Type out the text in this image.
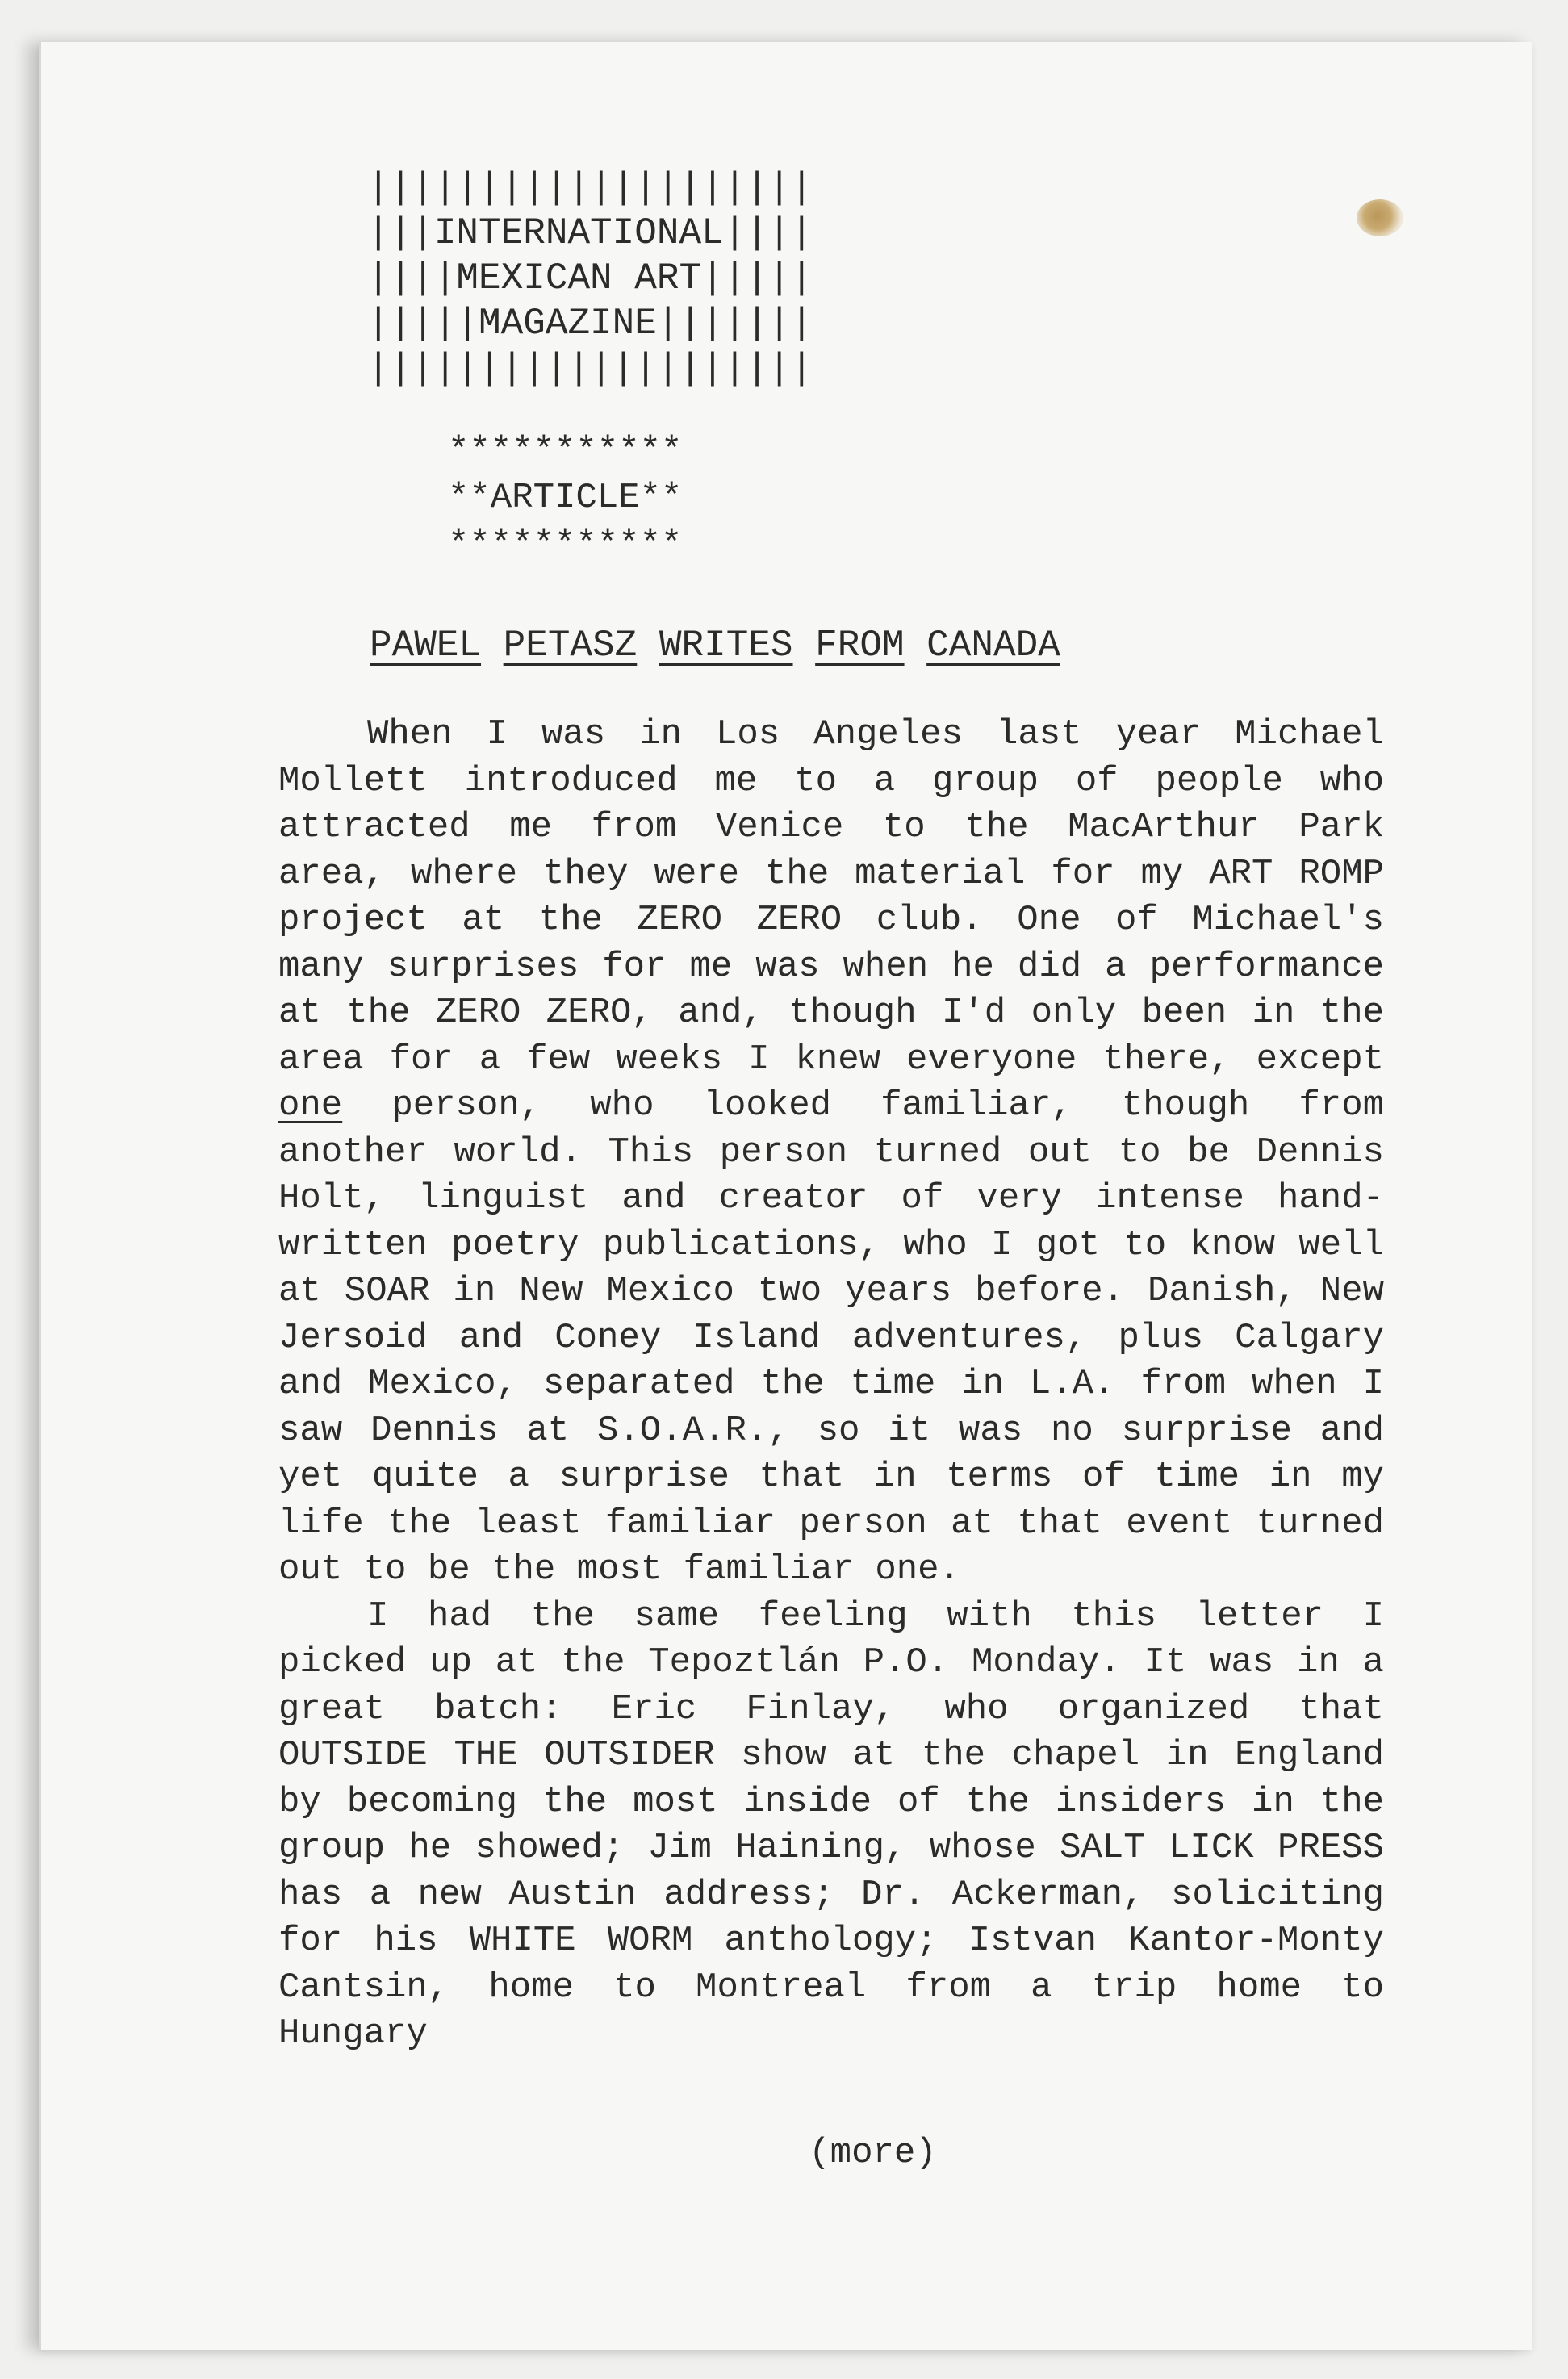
||||||||||||||||||||
|||INTERNATIONAL||||
||||MEXICAN ART|||||
|||||MAGAZINE|||||||
||||||||||||||||||||
***********
**ARTICLE**
***********
PAWEL PETASZ WRITES FROM CANADA

When I was in Los Angeles last year Michael Mollett introduced me to a group of people who attracted me from Venice to the MacArthur Park area, where they were the material for my ART ROMP project at the ZERO ZERO club. One of Michael's many surprises for me was when he did a performance at the ZERO ZERO, and, though I'd only been in the area for a few weeks I knew everyone there, except one person, who looked familiar, though from another world. This person turned out to be Dennis Holt, linguist and creator of very intense hand-written poetry publications, who I got to know well at SOAR in New Mexico two years before. Danish, New Jersoid and Coney Island adventures, plus Calgary and Mexico, separated the time in L.A. from when I saw Dennis at S.O.A.R., so it was no surprise and yet quite a surprise that in terms of time in my life the least familiar person at that event turned out to be the most familiar one.

I had the same feeling with this letter I picked up at the Tepoztlán P.O. Monday. It was in a great batch: Eric Finlay, who organized that OUTSIDE THE OUTSIDER show at the chapel in England by becoming the most inside of the insiders in the group he showed; Jim Haining, whose SALT LICK PRESS has a new Austin address; Dr. Ackerman, soliciting for his WHITE WORM anthology; Istvan Kantor-Monty Cantsin, home to Montreal from a trip home to Hungary

(more)
